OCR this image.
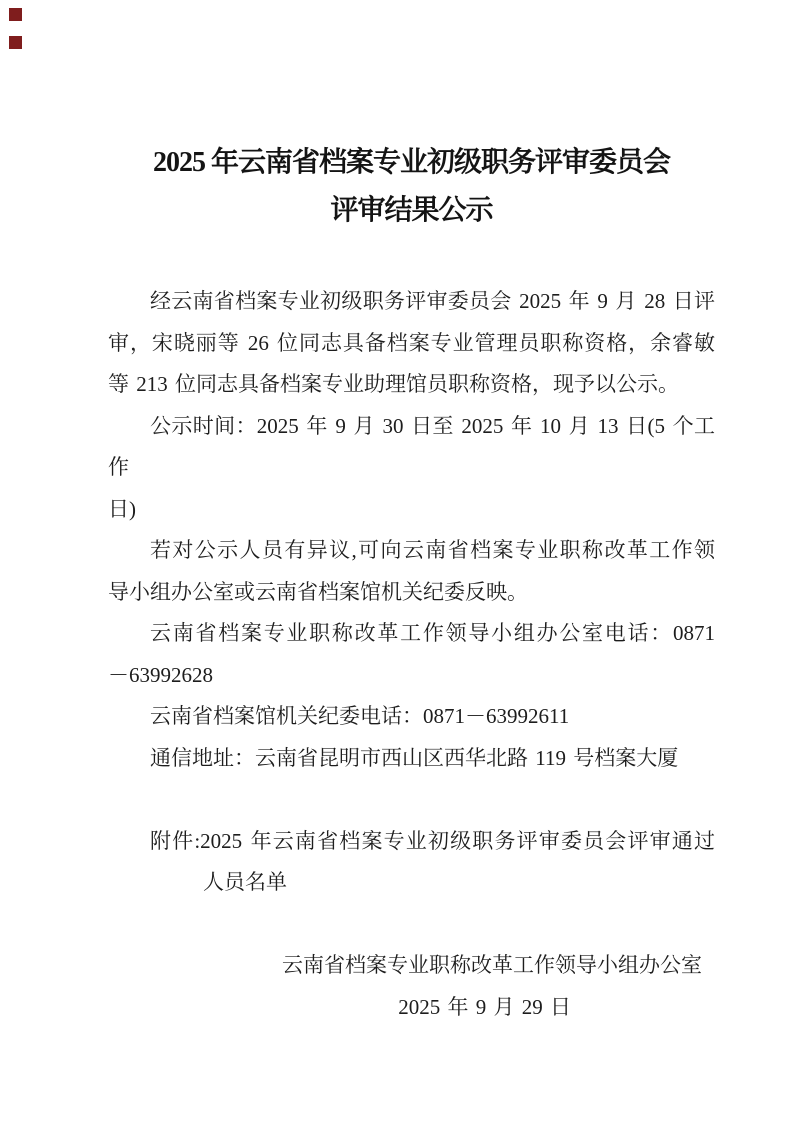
2025 年云南省档案专业初级职务评审委员会
评审结果公示
经云南省档案专业初级职务评审委员会 2025 年 9 月 28 日评
审，宋晓丽等 26 位同志具备档案专业管理员职称资格，余睿敏
等 213 位同志具备档案专业助理馆员职称资格，现予以公示。
公示时间：2025 年 9 月 30 日至 2025 年 10 月 13 日(5 个工作
日)
若对公示人员有异议,可向云南省档案专业职称改革工作领
导小组办公室或云南省档案馆机关纪委反映。
云南省档案专业职称改革工作领导小组办公室电话：0871
－63992628
云南省档案馆机关纪委电话：0871－63992611
通信地址：云南省昆明市西山区西华北路 119 号档案大厦
附件:2025 年云南省档案专业初级职务评审委员会评审通过
人员名单
云南省档案专业职称改革工作领导小组办公室
2025 年 9 月 29 日
